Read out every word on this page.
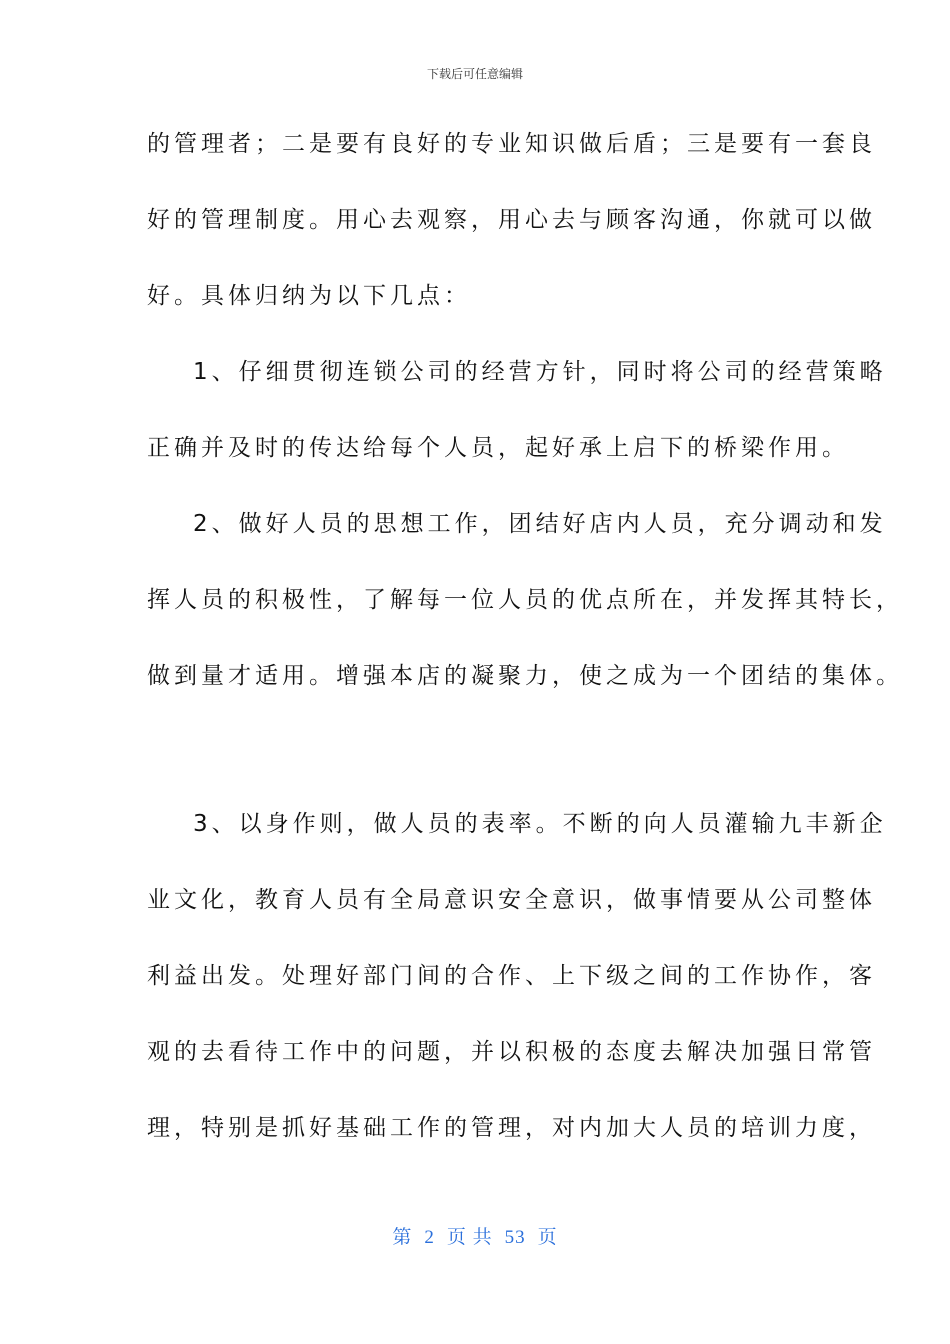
下载后可任意编辑
的管理者；二是要有良好的专业知识做后盾；三是要有一套良
好的管理制度。用心去观察，用心去与顾客沟通，你就可以做
好。具体归纳为以下几点：
1、仔细贯彻连锁公司的经营方针，同时将公司的经营策略
正确并及时的传达给每个人员，起好承上启下的桥梁作用。
2、做好人员的思想工作，团结好店内人员，充分调动和发
挥人员的积极性，了解每一位人员的优点所在，并发挥其特长，
做到量才适用。增强本店的凝聚力，使之成为一个团结的集体。
3、以身作则，做人员的表率。不断的向人员灌输九丰新企
业文化，教育人员有全局意识安全意识，做事情要从公司整体
利益出发。处理好部门间的合作、上下级之间的工作协作，客
观的去看待工作中的问题，并以积极的态度去解决加强日常管
理，特别是抓好基础工作的管理，对内加大人员的培训力度，
第 2 页 共 53 页
